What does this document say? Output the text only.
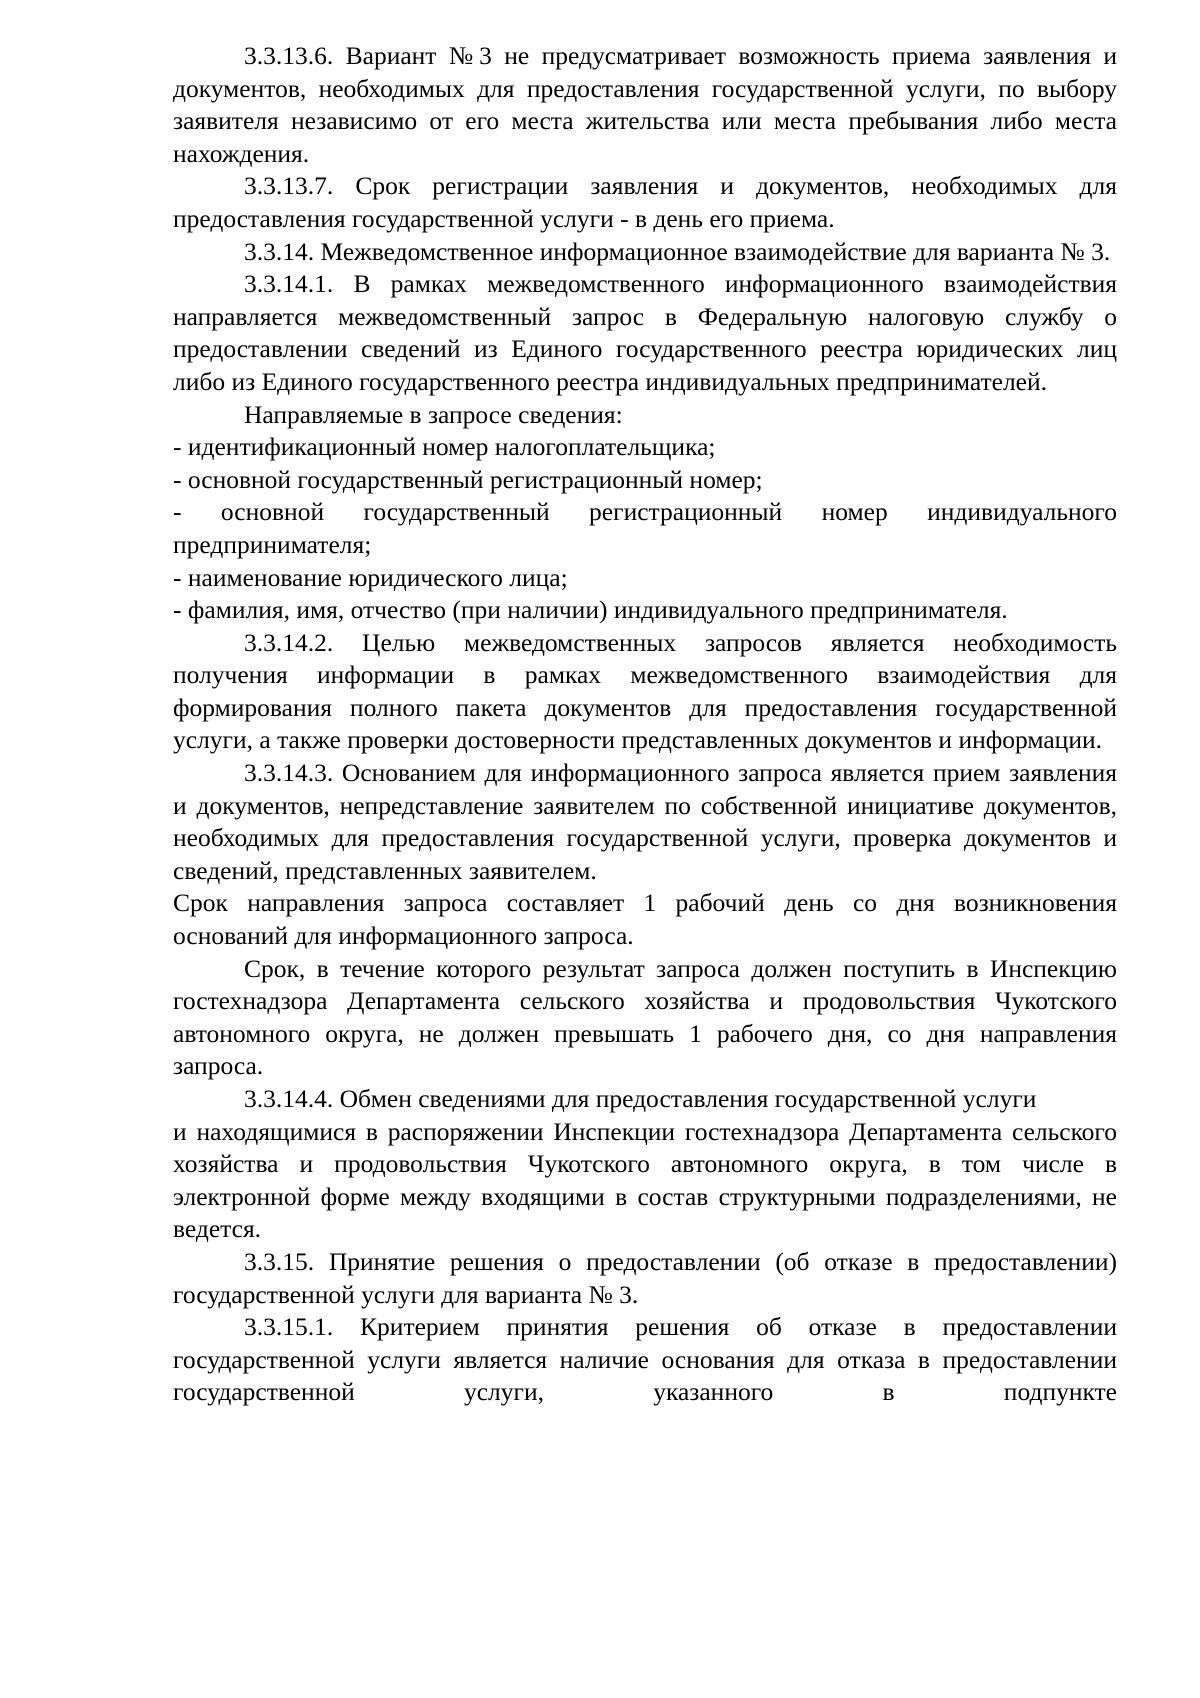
3.3.13.6. Вариант №3 не предусматривает возможность приема заявления и документов, необходимых для предоставления государственной услуги, по выбору заявителя независимо от его места жительства или места пребывания либо места нахождения.

3.3.13.7. Срок регистрации заявления и документов, необходимых для предоставления государственной услуги - в день его приема.

3.3.14. Межведомственное информационное взаимодействие для варианта № 3.

3.3.14.1. В рамках межведомственного информационного взаимодействия направляется межведомственный запрос в Федеральную налоговую службу о предоставлении сведений из Единого государственного реестра юридических лиц либо из Единого государственного реестра индивидуальных предпринимателей.

Направляемые в запросе сведения:

- идентификационный номер налогоплательщика;

- основной государственный регистрационный номер;

- основной государственный регистрационный номер индивидуального предпринимателя;

- наименование юридического лица;

- фамилия, имя, отчество (при наличии) индивидуального предпринимателя.

3.3.14.2. Целью межведомственных запросов является необходимость получения информации в рамках межведомственного взаимодействия для формирования полного пакета документов для предоставления государственной услуги, а также проверки достоверности представленных документов и информации.

3.3.14.3. Основанием для информационного запроса является прием заявления и документов, непредставление заявителем по собственной инициативе документов, необходимых для предоставления государственной услуги, проверка документов и сведений, представленных заявителем.

Срок направления запроса составляет 1 рабочий день со дня возникновения оснований для информационного запроса.

Срок, в течение которого результат запроса должен поступить в Инспекцию гостехнадзора Департамента сельского хозяйства и продовольствия Чукотского автономного округа, не должен превышать 1 рабочего дня, со дня направления запроса.

3.3.14.4. Обмен сведениями для предоставления государственной услуги

и находящимися в распоряжении Инспекции гостехнадзора Департамента сельского хозяйства и продовольствия Чукотского автономного округа, в том числе в электронной форме между входящими в состав структурными подразделениями, не ведется.

3.3.15. Принятие решения о предоставлении (об отказе в предоставлении) государственной услуги для варианта № 3.

3.3.15.1. Критерием принятия решения об отказе в предоставлении государственной услуги является наличие основания для отказа в предоставлении государственной услуги, указанного в подпункте
